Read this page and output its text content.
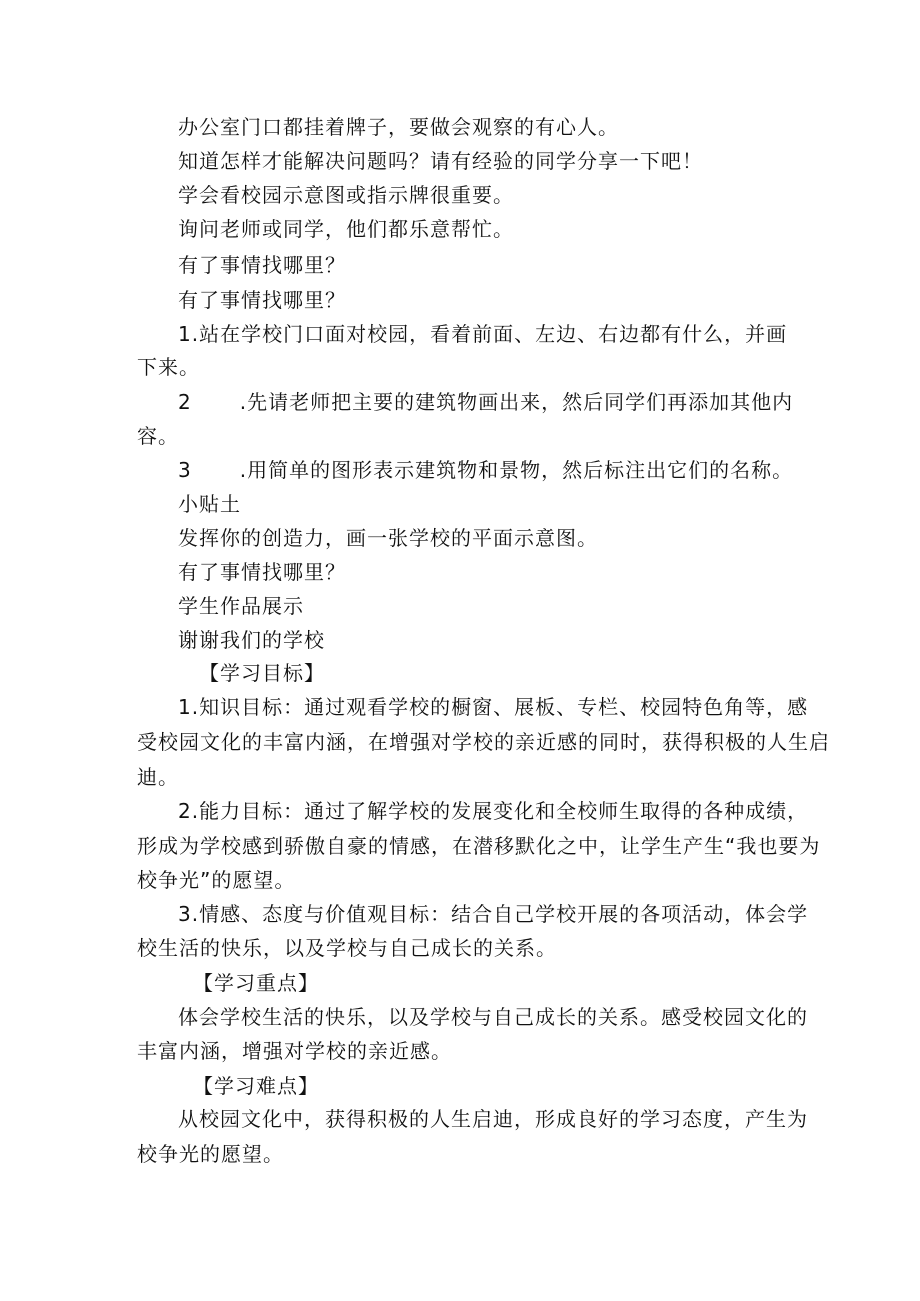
办公室门口都挂着牌子，要做会观察的有心人。
知道怎样才能解决问题吗？请有经验的同学分享一下吧！
学会看校园示意图或指示牌很重要。
询问老师或同学，他们都乐意帮忙。
有了事情找哪里？
有了事情找哪里？
1.站在学校门口面对校园，看着前面、左边、右边都有什么，并画
下来。
2 .先请老师把主要的建筑物画出来，然后同学们再添加其他内
容。
3 .用简单的图形表示建筑物和景物，然后标注出它们的名称。
小贴土
发挥你的创造力，画一张学校的平面示意图。
有了事情找哪里？
学生作品展示
谢谢我们的学校
【学习目标】
1.知识目标：通过观看学校的橱窗、展板、专栏、校园特色角等，感
受校园文化的丰富内涵，在增强对学校的亲近感的同时，获得积极的人生启
迪。
2.能力目标：通过了解学校的发展变化和全校师生取得的各种成绩，
形成为学校感到骄傲自豪的情感，在潜移默化之中，让学生产生“我也要为
校争光”的愿望。
3.情感、态度与价值观目标：结合自己学校开展的各项活动，体会学
校生活的快乐，以及学校与自己成长的关系。
【学习重点】
体会学校生活的快乐，以及学校与自己成长的关系。感受校园文化的
丰富内涵，增强对学校的亲近感。
【学习难点】
从校园文化中，获得积极的人生启迪，形成良好的学习态度，产生为
校争光的愿望。
